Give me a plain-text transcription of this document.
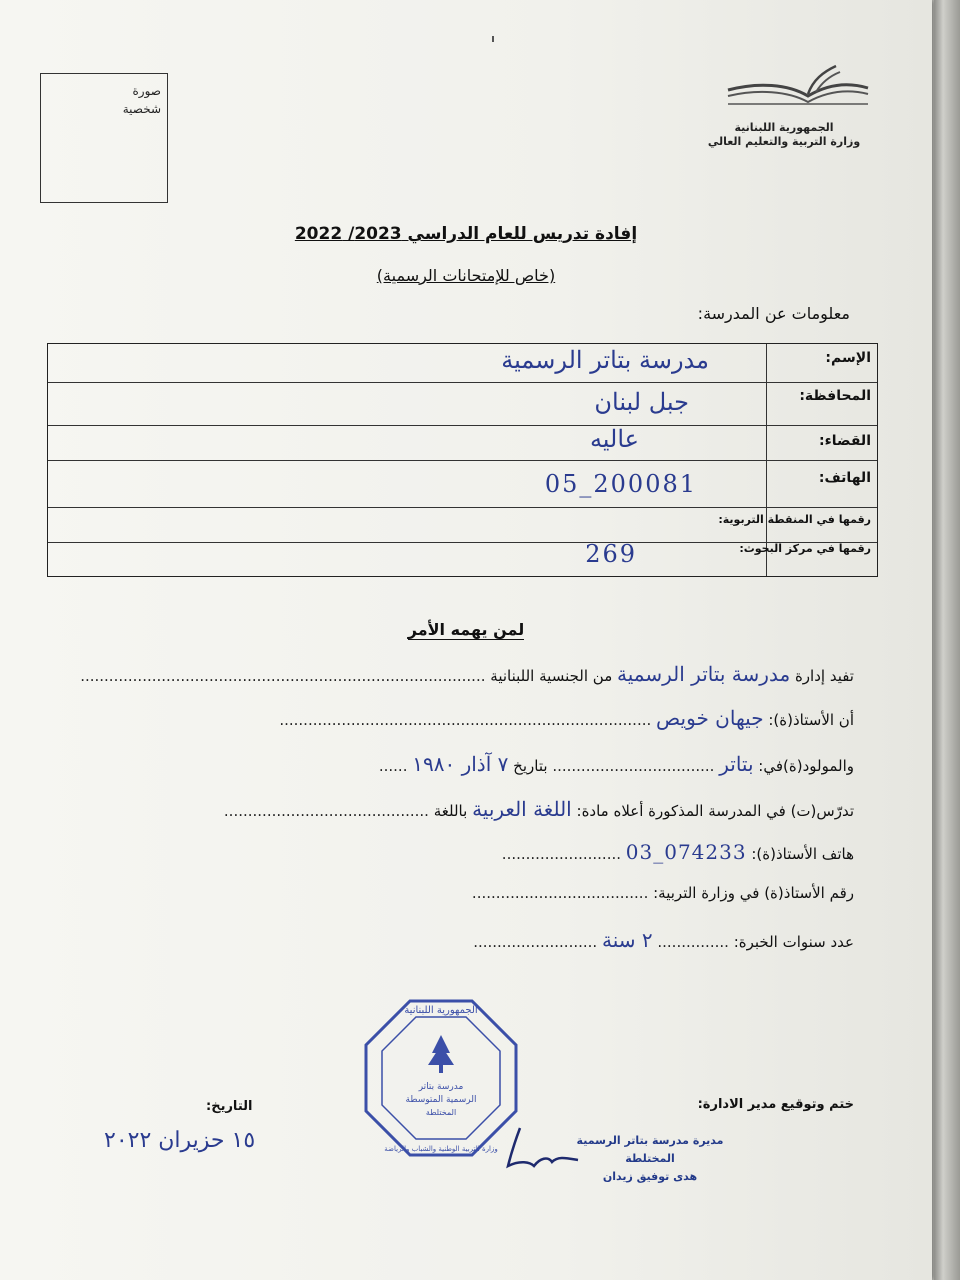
صورة
شخصية
الجمهورية اللبنانية
وزارة التربية والتعليم العالي
إفادة تدريس للعام الدراسي 2023/ 2022
(خاص للإمتحانات الرسمية)
معلومات عن المدرسة:
الإسم:
مدرسة بتاتر الرسمية
المحافظة:
جبل لبنان
القضاء:
عاليه
الهاتف:
05_200081
رقمها في المنقطة التربوية:
رقمها في مركز البحوث:
269
لمن يهمه الأمر
تفيد إدارة مدرسة بتاتر الرسمية من الجنسية اللبنانية .....................................................................................
أن الأستاذ(ة): جيهان خويص ..............................................................................
والمولود(ة)في: بتاتر .................................. بتاريخ ٧ آذار ١٩٨٠ ......
تدرّس(ت) في المدرسة المذكورة أعلاه مادة: اللغة العربية باللغة ...........................................
هاتف الأستاذ(ة): 03_074233 .........................
رقم الأستاذ(ة) في وزارة التربية: .....................................
عدد سنوات الخبرة: ............... ٢ سنة ..........................
الجمهورية اللبنانية
مدرسة بتاتر
الرسمية المتوسطة
المختلطة
وزارة التربية الوطنية والشباب والرياضة
ختم وتوقيع مدير الادارة:
مديرة مدرسة بتاتر الرسمية المختلطة
هدى توفيق زيدان
التاريخ:
١٥ حزيران ٢٠٢٢
